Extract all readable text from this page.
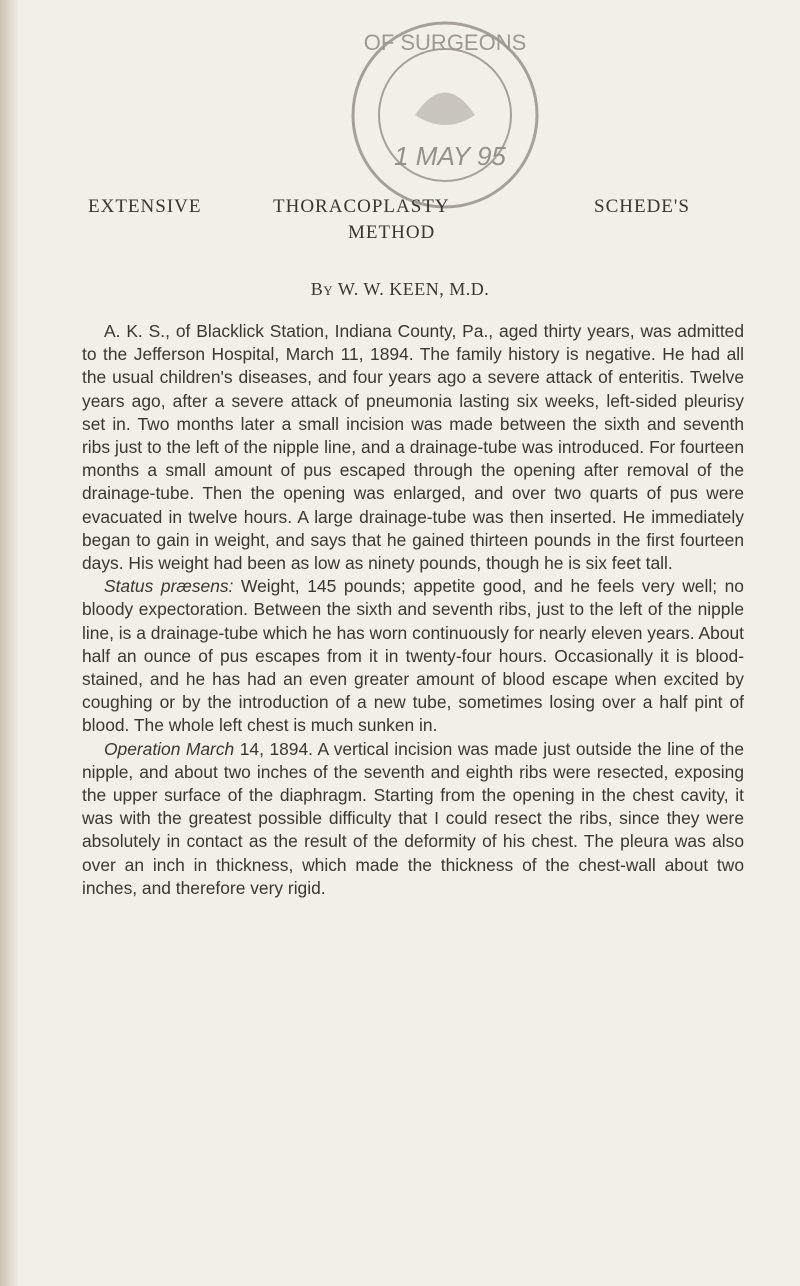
OF SURGEONS
1 MAY 95
EXTENSIVE	THORACOPLASTY	SCHEDE'S
METHOD
By W. W. KEEN, M.D.

A. K. S., of Blacklick Station, Indiana County, Pa., aged thirty years, was admitted to the Jefferson Hospital, March 11, 1894. The family history is negative. He had all the usual children's diseases, and four years ago a severe attack of enteritis. Twelve years ago, after a severe attack of pneumonia lasting six weeks, left-sided pleurisy set in. Two months later a small incision was made between the sixth and seventh ribs just to the left of the nipple line, and a drainage-tube was introduced. For fourteen months a small amount of pus escaped through the opening after removal of the drainage-tube. Then the opening was enlarged, and over two quarts of pus were evacuated in twelve hours. A large drainage-tube was then inserted. He immediately began to gain in weight, and says that he gained thirteen pounds in the first fourteen days. His weight had been as low as ninety pounds, though he is six feet tall.

Status præsens: Weight, 145 pounds; appetite good, and he feels very well; no bloody expectoration. Between the sixth and seventh ribs, just to the left of the nipple line, is a drainage-tube which he has worn continuously for nearly eleven years. About half an ounce of pus escapes from it in twenty-four hours. Occasionally it is blood-stained, and he has had an even greater amount of blood escape when excited by coughing or by the introduction of a new tube, sometimes losing over a half pint of blood. The whole left chest is much sunken in.

Operation March 14, 1894. A vertical incision was made just outside the line of the nipple, and about two inches of the seventh and eighth ribs were resected, exposing the upper surface of the diaphragm. Starting from the opening in the chest cavity, it was with the greatest possible difficulty that I could resect the ribs, since they were absolutely in contact as the result of the deformity of his chest. The pleura was also over an inch in thickness, which made the thickness of the chest-wall about two inches, and therefore very rigid.
